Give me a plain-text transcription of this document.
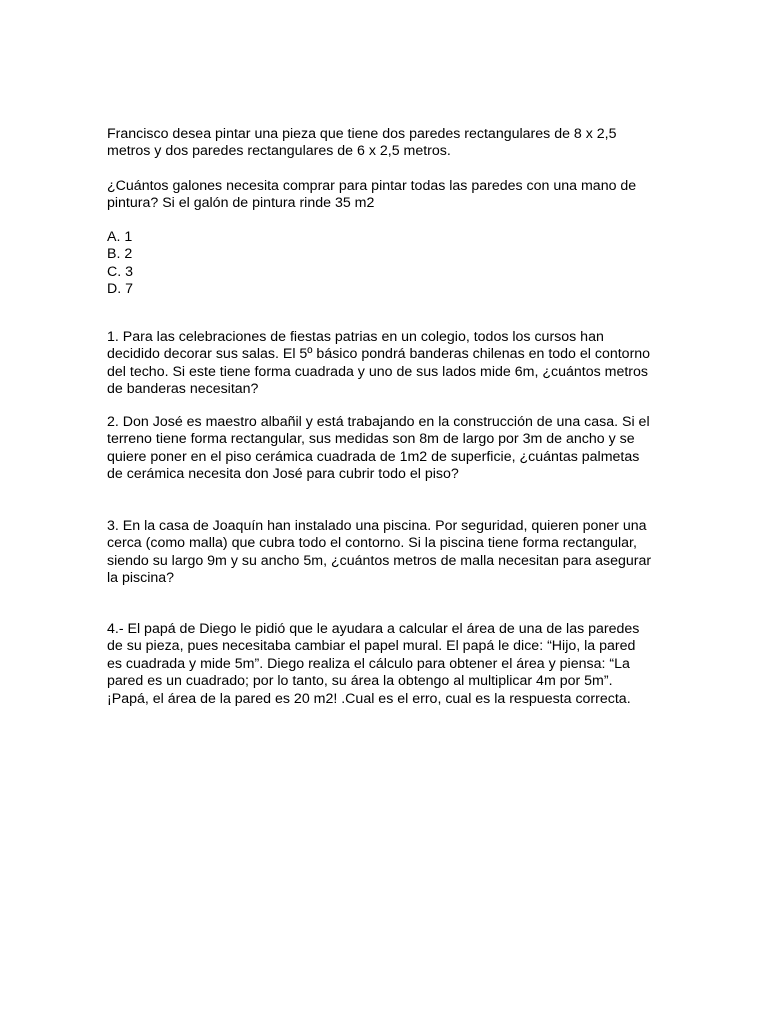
Francisco desea pintar una pieza que tiene dos paredes rectangulares de 8 x 2,5
metros y dos paredes rectangulares de 6 x 2,5 metros.
¿Cuántos galones necesita comprar para pintar todas las paredes con una mano de
pintura? Si el galón de pintura rinde 35 m2
A. 1
B. 2
C. 3
D. 7
1. Para las celebraciones de fiestas patrias en un colegio, todos los cursos han
decidido decorar sus salas. El 5º básico pondrá banderas chilenas en todo el contorno
del techo. Si este tiene forma cuadrada y uno de sus lados mide 6m, ¿cuántos metros
de banderas necesitan?
2. Don José es maestro albañil y está trabajando en la construcción de una casa. Si el
terreno tiene forma rectangular, sus medidas son 8m de largo por 3m de ancho y se
quiere poner en el piso cerámica cuadrada de 1m2 de superficie, ¿cuántas palmetas
de cerámica necesita don José para cubrir todo el piso?
3. En la casa de Joaquín han instalado una piscina. Por seguridad, quieren poner una
cerca (como malla) que cubra todo el contorno. Si la piscina tiene forma rectangular,
siendo su largo 9m y su ancho 5m, ¿cuántos metros de malla necesitan para asegurar
la piscina?
4.- El papá de Diego le pidió que le ayudara a calcular el área de una de las paredes
de su pieza, pues necesitaba cambiar el papel mural. El papá le dice: “Hijo, la pared
es cuadrada y mide 5m”. Diego realiza el cálculo para obtener el área y piensa: “La
pared es un cuadrado; por lo tanto, su área la obtengo al multiplicar 4m por 5m”.
¡Papá, el área de la pared es 20 m2! .Cual es el erro, cual es la respuesta correcta.
